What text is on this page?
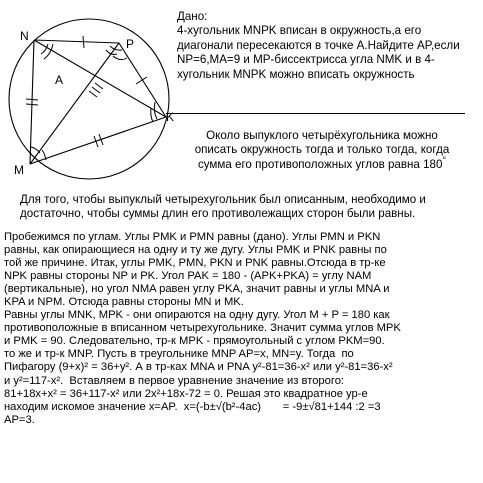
N
P
K
M
A
Дано:
4-хугольник MNPK вписан в окружность,а его диагонали пересекаются в точке А.Найдите AP,если NP=6,MA=9 и MP-биссектрисса угла NMK и в 4-хугольник MNPK можно вписать окружность
Около выпуклого четырёхугольника можно
описать окружность тогда и только тогда, когда
сумма его противоположных углов равна 180°
Для того, чтобы выпуклый четырехугольник был описанным, необходимо и
достаточно, чтобы суммы длин его противолежащих сторон были равны.
Пробежимся по углам. Углы PMK и PMN равны (дано). Углы PMN и PKN
равны, как опирающиеся на одну и ту же дугу. Углы PMK и PNK равны по
той же причине. Итак, углы PMK, PMN, PKN и PNK равны.Отсюда в тр-ке
NPK равны стороны NP и PK. Угол PAK = 180 - (APK+PKA) = углу NAM
(вертикальные), но угол NMA равен углу PKA, значит равны и углы MNA и
KPA и NPM. Отсюда равны стороны MN и MK.
Равны углы MNK, MPK - они опираются на одну дугу. Угол M + P = 180 как
противоположные в вписанном четырехугольнике. Значит сумма углов MPK
и PMK = 90. Следовательно, тр-к MPK - прямоугольный с углом PKM=90.
то же и тр-к MNP. Пусть в треугольнике MNP AP=x, MN=y. Тогда  по
Пифагору (9+x)² = 36+y². А в тр-ках MNA и PNA y²-81=36-x² или y²-81=36-x²
и y²=117-x².  Вставляем в первое уравнение значение из второго:
81+18x+x² = 36+117-x² или 2x²+18x-72 = 0. Решая это квадратное ур-е
находим искомое значение x=AP.  x=(-b±√(b²-4ac)       = -9±√81+144 :2 =3
AP=3.
